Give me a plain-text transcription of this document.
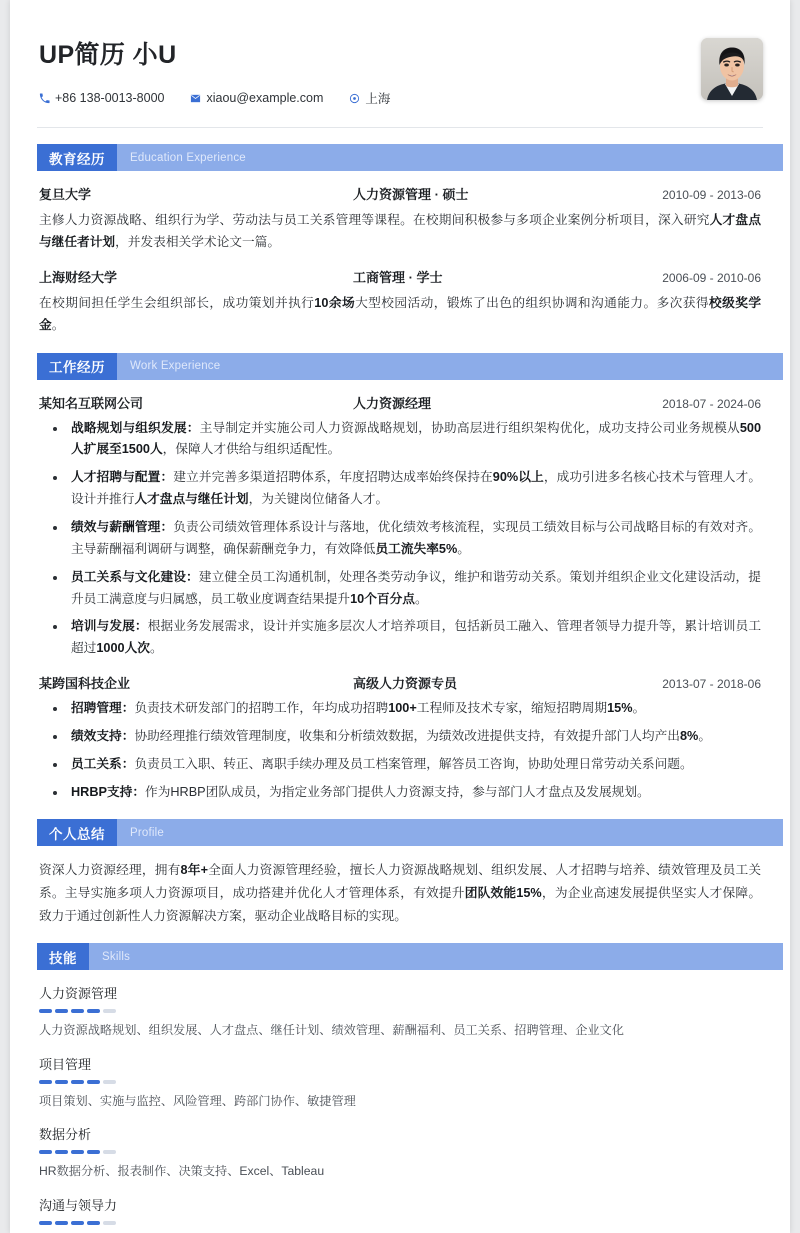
UP简历 小U
+86 138-0013-8000	xiaou@example.com	上海
教育经历	Education Experience
复旦大学	人力资源管理 · 硕士	2010-09 - 2013-06
主修人力资源战略、组织行为学、劳动法与员工关系管理等课程。在校期间积极参与多项企业案例分析项目，深入研究人才盘点与继任者计划，并发表相关学术论文一篇。
上海财经大学	工商管理 · 学士	2006-09 - 2010-06
在校期间担任学生会组织部长，成功策划并执行10余场大型校园活动，锻炼了出色的组织协调和沟通能力。多次获得校级奖学金。
工作经历	Work Experience
某知名互联网公司	人力资源经理	2018-07 - 2024-06
战略规划与组织发展：主导制定并实施公司人力资源战略规划，协助高层进行组织架构优化，成功支持公司业务规模从500人扩展至1500人，保障人才供给与组织适配性。
人才招聘与配置：建立并完善多渠道招聘体系，年度招聘达成率始终保持在90%以上，成功引进多名核心技术与管理人才。设计并推行人才盘点与继任计划，为关键岗位储备人才。
绩效与薪酬管理：负责公司绩效管理体系设计与落地，优化绩效考核流程，实现员工绩效目标与公司战略目标的有效对齐。主导薪酬福利调研与调整，确保薪酬竞争力，有效降低员工流失率5%。
员工关系与文化建设：建立健全员工沟通机制，处理各类劳动争议，维护和谐劳动关系。策划并组织企业文化建设活动，提升员工满意度与归属感，员工敬业度调查结果提升10个百分点。
培训与发展：根据业务发展需求，设计并实施多层次人才培养项目，包括新员工融入、管理者领导力提升等，累计培训员工超过1000人次。
某跨国科技企业	高级人力资源专员	2013-07 - 2018-06
招聘管理：负责技术研发部门的招聘工作，年均成功招聘100+工程师及技术专家，缩短招聘周期15%。
绩效支持：协助经理推行绩效管理制度，收集和分析绩效数据，为绩效改进提供支持，有效提升部门人均产出8%。
员工关系：负责员工入职、转正、离职手续办理及员工档案管理，解答员工咨询，协助处理日常劳动关系问题。
HRBP支持：作为HRBP团队成员，为指定业务部门提供人力资源支持，参与部门人才盘点及发展规划。
个人总结	Profile
资深人力资源经理，拥有8年+全面人力资源管理经验，擅长人力资源战略规划、组织发展、人才招聘与培养、绩效管理及员工关系。主导实施多项人力资源项目，成功搭建并优化人才管理体系，有效提升团队效能15%，为企业高速发展提供坚实人才保障。致力于通过创新性人力资源解决方案，驱动企业战略目标的实现。
技能	Skills
人力资源管理
人力资源战略规划、组织发展、人才盘点、继任计划、绩效管理、薪酬福利、员工关系、招聘管理、企业文化
项目管理
项目策划、实施与监控、风险管理、跨部门协作、敏捷管理
数据分析
HR数据分析、报表制作、决策支持、Excel、Tableau
沟通与领导力
